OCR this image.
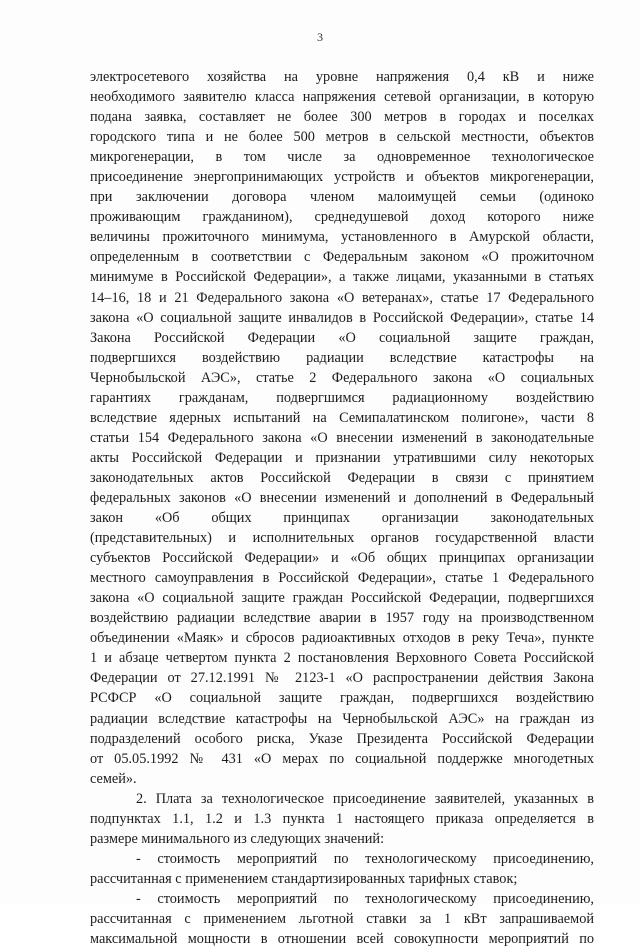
3

электросетевого хозяйства на уровне напряжения 0,4 кВ и ниже
необходимого заявителю класса напряжения сетевой организации, в которую
подана заявка, составляет не более 300 метров в городах и поселках
городского типа и не более 500 метров в сельской местности, объектов
микрогенерации, в том числе за одновременное технологическое
присоединение энергопринимающих устройств и объектов микрогенерации,
при заключении договора членом малоимущей семьи (одиноко
проживающим гражданином), среднедушевой доход которого ниже
величины прожиточного минимума, установленного в Амурской области,
определенным в соответствии с Федеральным законом «О прожиточном
минимуме в Российской Федерации», а также лицами, указанными в статьях
14–16, 18 и 21 Федерального закона «О ветеранах», статье 17 Федерального
закона «О социальной защите инвалидов в Российской Федерации», статье 14
Закона Российской Федерации «О социальной защите граждан,
подвергшихся воздействию радиации вследствие катастрофы на
Чернобыльской АЭС», статье 2 Федерального закона «О социальных
гарантиях гражданам, подвергшимся радиационному воздействию
вследствие ядерных испытаний на Семипалатинском полигоне», части 8
статьи 154 Федерального закона «О внесении изменений в законодательные
акты Российской Федерации и признании утратившими силу некоторых
законодательных актов Российской Федерации в связи с принятием
федеральных законов «О внесении изменений и дополнений в Федеральный
закон «Об общих принципах организации законодательных
(представительных) и исполнительных органов государственной власти
субъектов Российской Федерации» и «Об общих принципах организации
местного самоуправления в Российской Федерации», статье 1 Федерального
закона «О социальной защите граждан Российской Федерации, подвергшихся
воздействию радиации вследствие аварии в 1957 году на производственном
объединении «Маяк» и сбросов радиоактивных отходов в реку Теча», пункте
1 и абзаце четвертом пункта 2 постановления Верховного Совета Российской
Федерации от 27.12.1991 № 2123-1 «О распространении действия Закона
РСФСР «О социальной защите граждан, подвергшихся воздействию
радиации вследствие катастрофы на Чернобыльской АЭС» на граждан из
подразделений особого риска, Указе Президента Российской Федерации
от 05.05.1992 № 431 «О мерах по социальной поддержке многодетных
семей».

2. Плата за технологическое присоединение заявителей, указанных в
подпунктах 1.1, 1.2 и 1.3 пункта 1 настоящего приказа определяется в
размере минимального из следующих значений:

- стоимость мероприятий по технологическому присоединению,
рассчитанная с применением стандартизированных тарифных ставок;

- стоимость мероприятий по технологическому присоединению,
рассчитанная с применением льготной ставки за 1 кВт запрашиваемой
максимальной мощности в отношении всей совокупности мероприятий по
